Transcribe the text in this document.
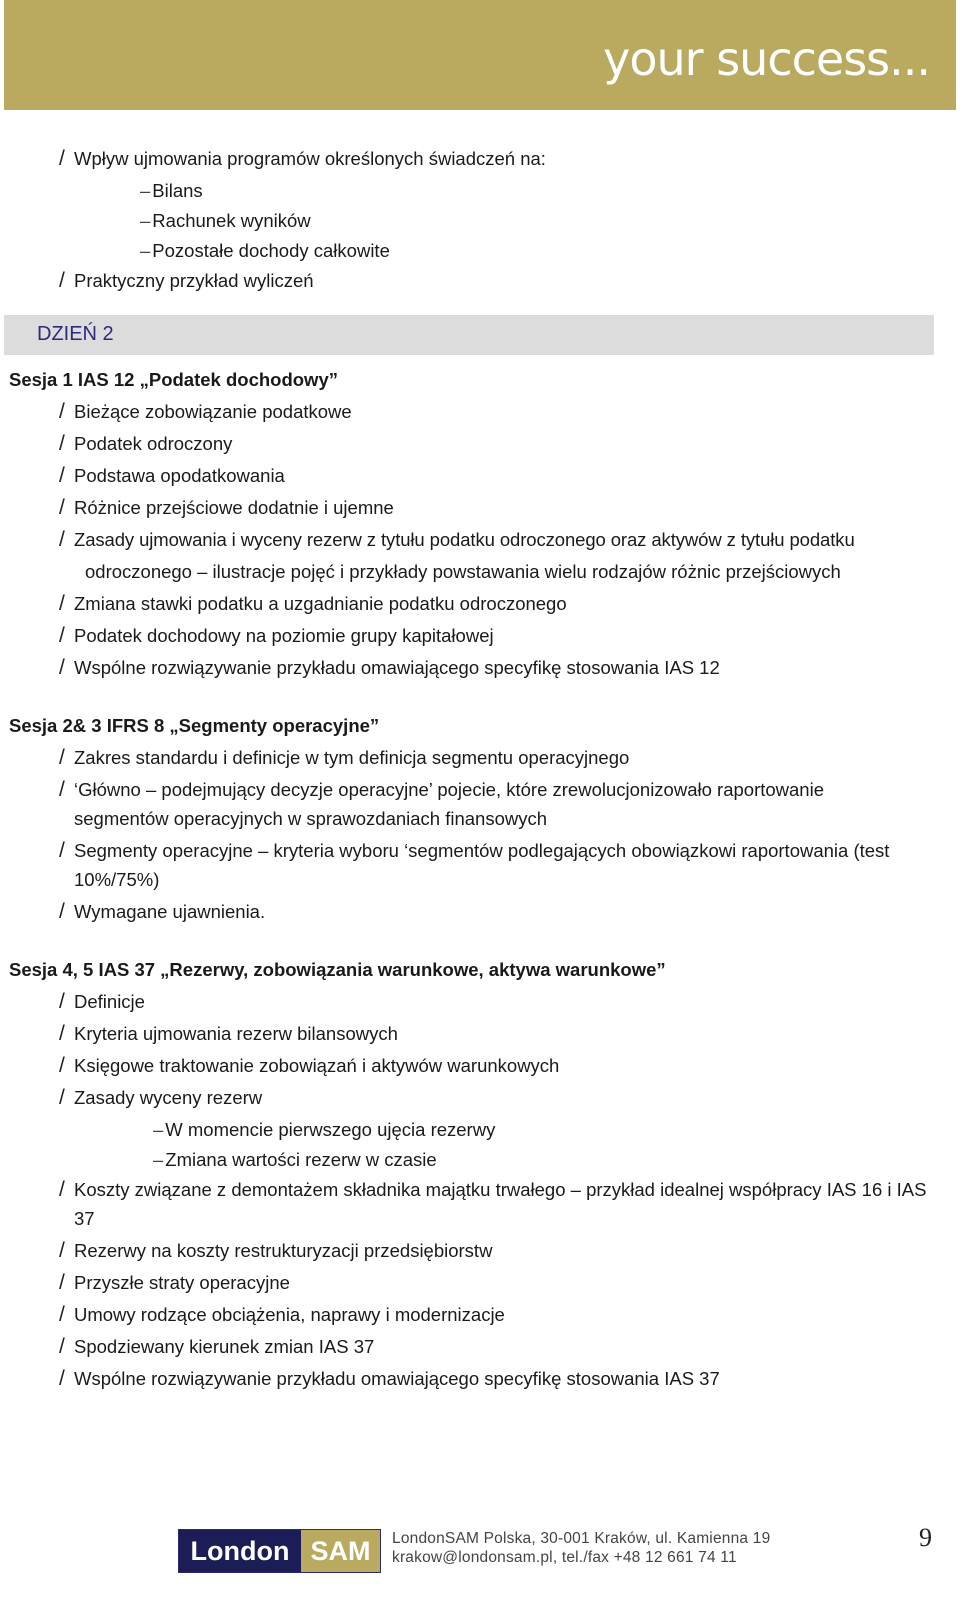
your success...
/ Wpływ ujmowania programów określonych świadczeń na:
– Bilans
– Rachunek wyników
– Pozostałe dochody całkowite
/ Praktyczny przykład wyliczeń
DZIEŃ 2
Sesja 1 IAS 12 „Podatek dochodowy”
/ Bieżące zobowiązanie podatkowe
/ Podatek odroczony
/ Podstawa opodatkowania
/ Różnice przejściowe dodatnie i ujemne
/ Zasady ujmowania i wyceny rezerw z tytułu podatku odroczonego oraz aktywów z tytułu podatku
odroczonego – ilustracje pojęć i przykłady powstawania wielu rodzajów różnic przejściowych
/ Zmiana stawki podatku a uzgadnianie podatku odroczonego
/ Podatek dochodowy na poziomie grupy kapitałowej
/ Wspólne rozwiązywanie przykładu omawiającego specyfikę stosowania IAS 12
Sesja 2& 3 IFRS 8 „Segmenty operacyjne”
/ Zakres standardu i definicje w tym definicja segmentu operacyjnego
/ ‘Główno – podejmujący decyzje operacyjne’ pojecie, które zrewolucjonizowało raportowanie segmentów operacyjnych w sprawozdaniach finansowych
/ Segmenty operacyjne – kryteria wyboru ‘segmentów podlegających obowiązkowi raportowania (test 10%/75%)
/ Wymagane ujawnienia.
Sesja 4, 5 IAS 37 „Rezerwy, zobowiązania warunkowe, aktywa warunkowe”
/ Definicje
/ Kryteria ujmowania rezerw bilansowych
/ Księgowe traktowanie zobowiązań i aktywów warunkowych
/ Zasady wyceny rezerw
– W momencie pierwszego ujęcia rezerwy
– Zmiana wartości rezerw w czasie
/ Koszty związane z demontażem składnika majątku trwałego – przykład idealnej współpracy IAS 16 i IAS 37
/ Rezerwy na koszty restrukturyzacji przedsiębiorstw
/ Przyszłe straty operacyjne
/ Umowy rodzące obciążenia, naprawy i modernizacje
/ Spodziewany kierunek zmian IAS 37
/ Wspólne rozwiązywanie przykładu omawiającego specyfikę stosowania IAS 37
London SAM	LondonSAM Polska, 30-001 Kraków, ul. Kamienna 19
krakow@londonsam.pl, tel./fax +48 12 661 74 11
9
